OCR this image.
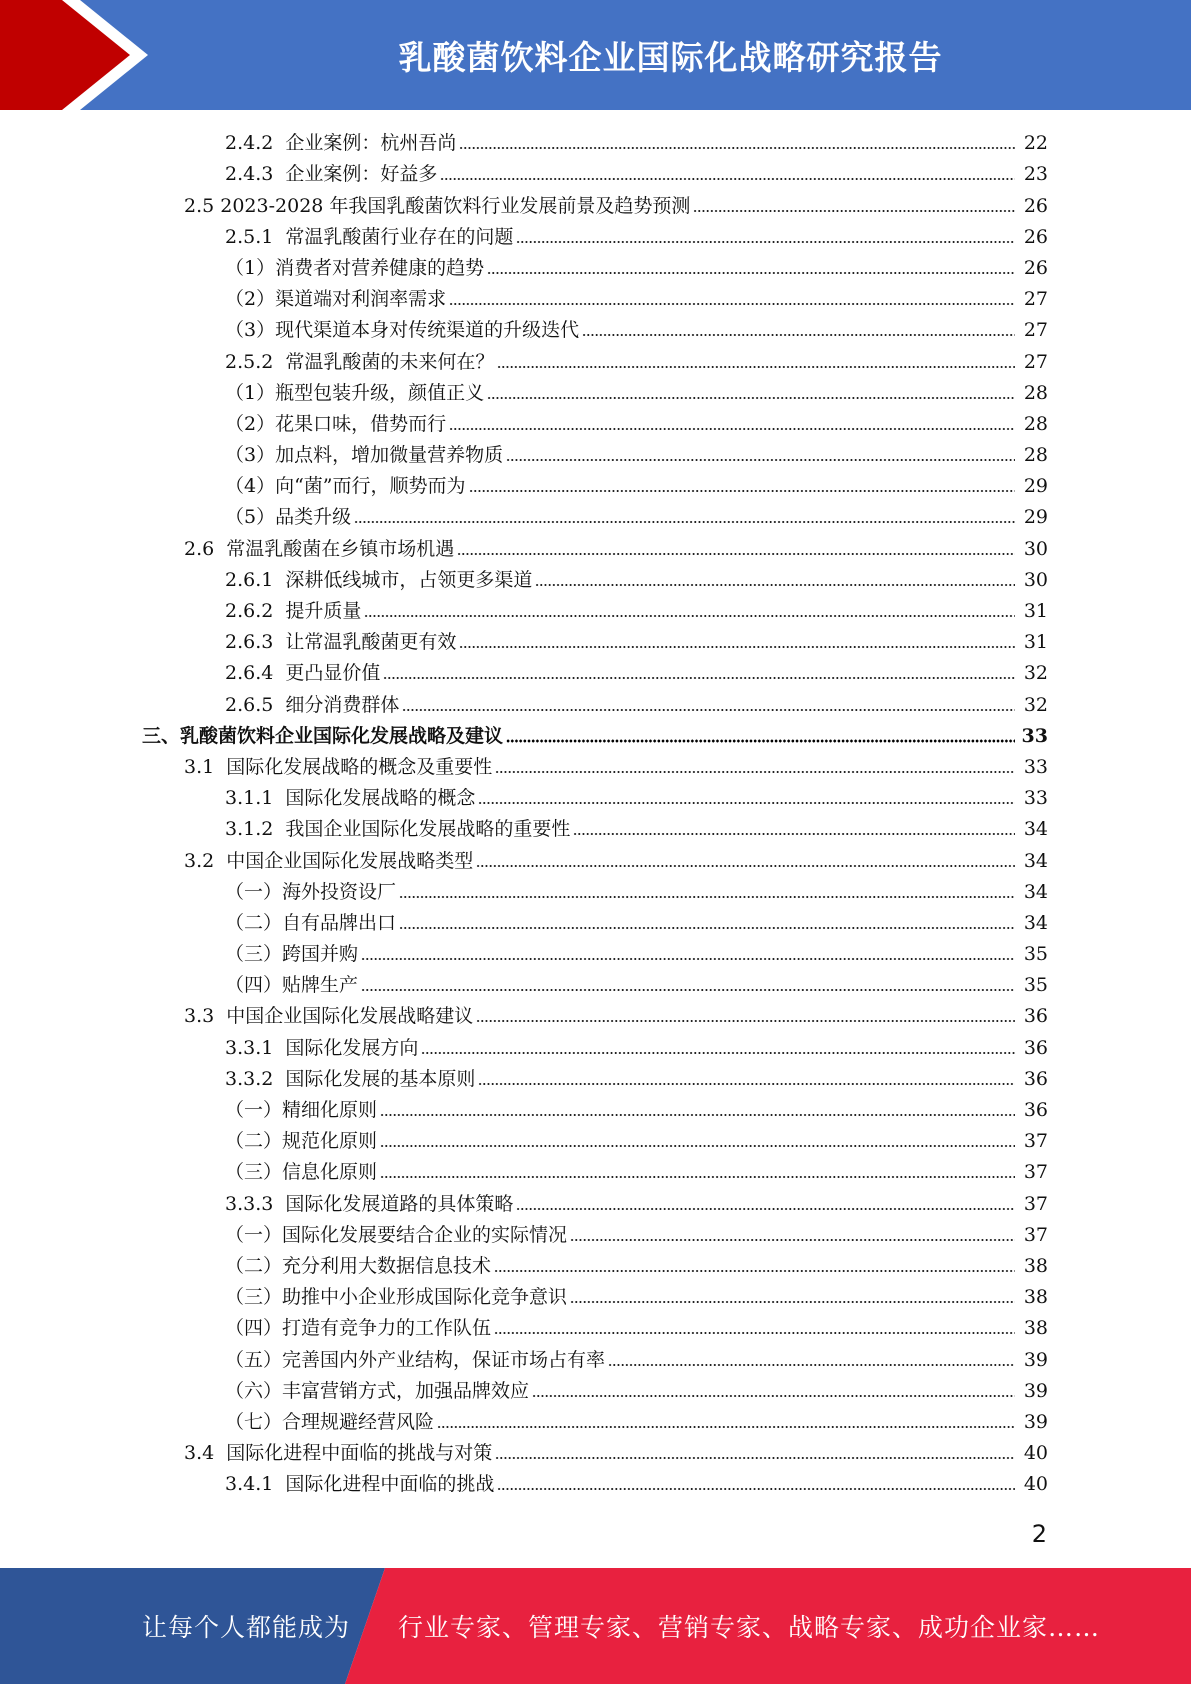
乳酸菌饮料企业国际化战略研究报告
2.4.2  企业案例：杭州吾尚	22
2.4.3  企业案例：好益多	23
2.5 2023-2028 年我国乳酸菌饮料行业发展前景及趋势预测	26
2.5.1  常温乳酸菌行业存在的问题	26
（1）消费者对营养健康的趋势	26
（2）渠道端对利润率需求	27
（3）现代渠道本身对传统渠道的升级迭代	27
2.5.2  常温乳酸菌的未来何在？	27
（1）瓶型包装升级，颜值正义	28
（2）花果口味，借势而行	28
（3）加点料，增加微量营养物质	28
（4）向“菌”而行，顺势而为	29
（5）品类升级	29
2.6  常温乳酸菌在乡镇市场机遇	30
2.6.1  深耕低线城市，占领更多渠道	30
2.6.2  提升质量	31
2.6.3  让常温乳酸菌更有效	31
2.6.4  更凸显价值	32
2.6.5  细分消费群体	32
三、乳酸菌饮料企业国际化发展战略及建议	33
3.1  国际化发展战略的概念及重要性	33
3.1.1  国际化发展战略的概念	33
3.1.2  我国企业国际化发展战略的重要性	34
3.2  中国企业国际化发展战略类型	34
（一）海外投资设厂	34
（二）自有品牌出口	34
（三）跨国并购	35
（四）贴牌生产	35
3.3  中国企业国际化发展战略建议	36
3.3.1  国际化发展方向	36
3.3.2  国际化发展的基本原则	36
（一）精细化原则	36
（二）规范化原则	37
（三）信息化原则	37
3.3.3  国际化发展道路的具体策略	37
（一）国际化发展要结合企业的实际情况	37
（二）充分利用大数据信息技术	38
（三）助推中小企业形成国际化竞争意识	38
（四）打造有竞争力的工作队伍	38
（五）完善国内外产业结构，保证市场占有率	39
（六）丰富营销方式，加强品牌效应	39
（七）合理规避经营风险	39
3.4  国际化进程中面临的挑战与对策	40
3.4.1  国际化进程中面临的挑战	40
2
让每个人都能成为 行业专家、管理专家、营销专家、战略专家、成功企业家……
